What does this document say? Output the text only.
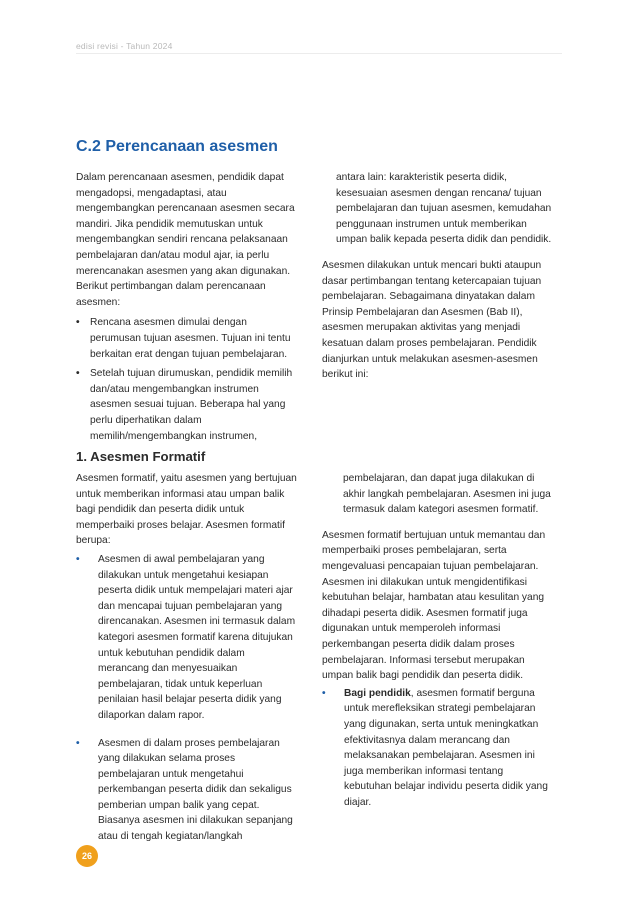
edisi revisi - Tahun 2024
C.2 Perencanaan asesmen

Dalam perencanaan asesmen, pendidik dapat mengadopsi, mengadaptasi, atau mengembangkan perencanaan asesmen secara mandiri. Jika pendidik memutuskan untuk mengembangkan sendiri rencana pelaksanaan pembelajaran dan/atau modul ajar, ia perlu merencanakan asesmen yang akan digunakan. Berikut pertimbangan dalam perencanaan asesmen:

• Rencana asesmen dimulai dengan perumusan tujuan asesmen. Tujuan ini tentu berkaitan erat dengan tujuan pembelajaran.
• Setelah tujuan dirumuskan, pendidik memilih dan/atau mengembangkan instrumen asesmen sesuai tujuan. Beberapa hal yang perlu diperhatikan dalam memilih/mengembangkan instrumen,

antara lain: karakteristik peserta didik, kesesuaian asesmen dengan rencana/ tujuan pembelajaran dan tujuan asesmen, kemudahan penggunaan instrumen untuk memberikan umpan balik kepada peserta didik dan pendidik.

Asesmen dilakukan untuk mencari bukti ataupun dasar pertimbangan tentang ketercapaian tujuan pembelajaran. Sebagaimana dinyatakan dalam Prinsip Pembelajaran dan Asesmen (Bab II), asesmen merupakan aktivitas yang menjadi kesatuan dalam proses pembelajaran. Pendidik dianjurkan untuk melakukan asesmen-asesmen berikut ini:

1. Asesmen Formatif

Asesmen formatif, yaitu asesmen yang bertujuan untuk memberikan informasi atau umpan balik bagi pendidik dan peserta didik untuk memperbaiki proses belajar. Asesmen formatif berupa:

• Asesmen di awal pembelajaran yang dilakukan untuk mengetahui kesiapan peserta didik untuk mempelajari materi ajar dan mencapai tujuan pembelajaran yang direncanakan. Asesmen ini termasuk dalam kategori asesmen formatif karena ditujukan untuk kebutuhan pendidik dalam merancang dan menyesuaikan pembelajaran, tidak untuk keperluan penilaian hasil belajar peserta didik yang dilaporkan dalam rapor.
• Asesmen di dalam proses pembelajaran yang dilakukan selama proses pembelajaran untuk mengetahui perkembangan peserta didik dan sekaligus pemberian umpan balik yang cepat. Biasanya asesmen ini dilakukan sepanjang atau di tengah kegiatan/langkah

pembelajaran, dan dapat juga dilakukan di akhir langkah pembelajaran. Asesmen ini juga termasuk dalam kategori asesmen formatif.

Asesmen formatif bertujuan untuk memantau dan memperbaiki proses pembelajaran, serta mengevaluasi pencapaian tujuan pembelajaran. Asesmen ini dilakukan untuk mengidentifikasi kebutuhan belajar, hambatan atau kesulitan yang dihadapi peserta didik. Asesmen formatif juga digunakan untuk memperoleh informasi perkembangan peserta didik dalam proses pembelajaran. Informasi tersebut merupakan umpan balik bagi pendidik dan peserta didik.

• Bagi pendidik, asesmen formatif berguna untuk merefleksikan strategi pembelajaran yang digunakan, serta untuk meningkatkan efektivitasnya dalam merancang dan melaksanakan pembelajaran. Asesmen ini juga memberikan informasi tentang kebutuhan belajar individu peserta didik yang diajar.
26
